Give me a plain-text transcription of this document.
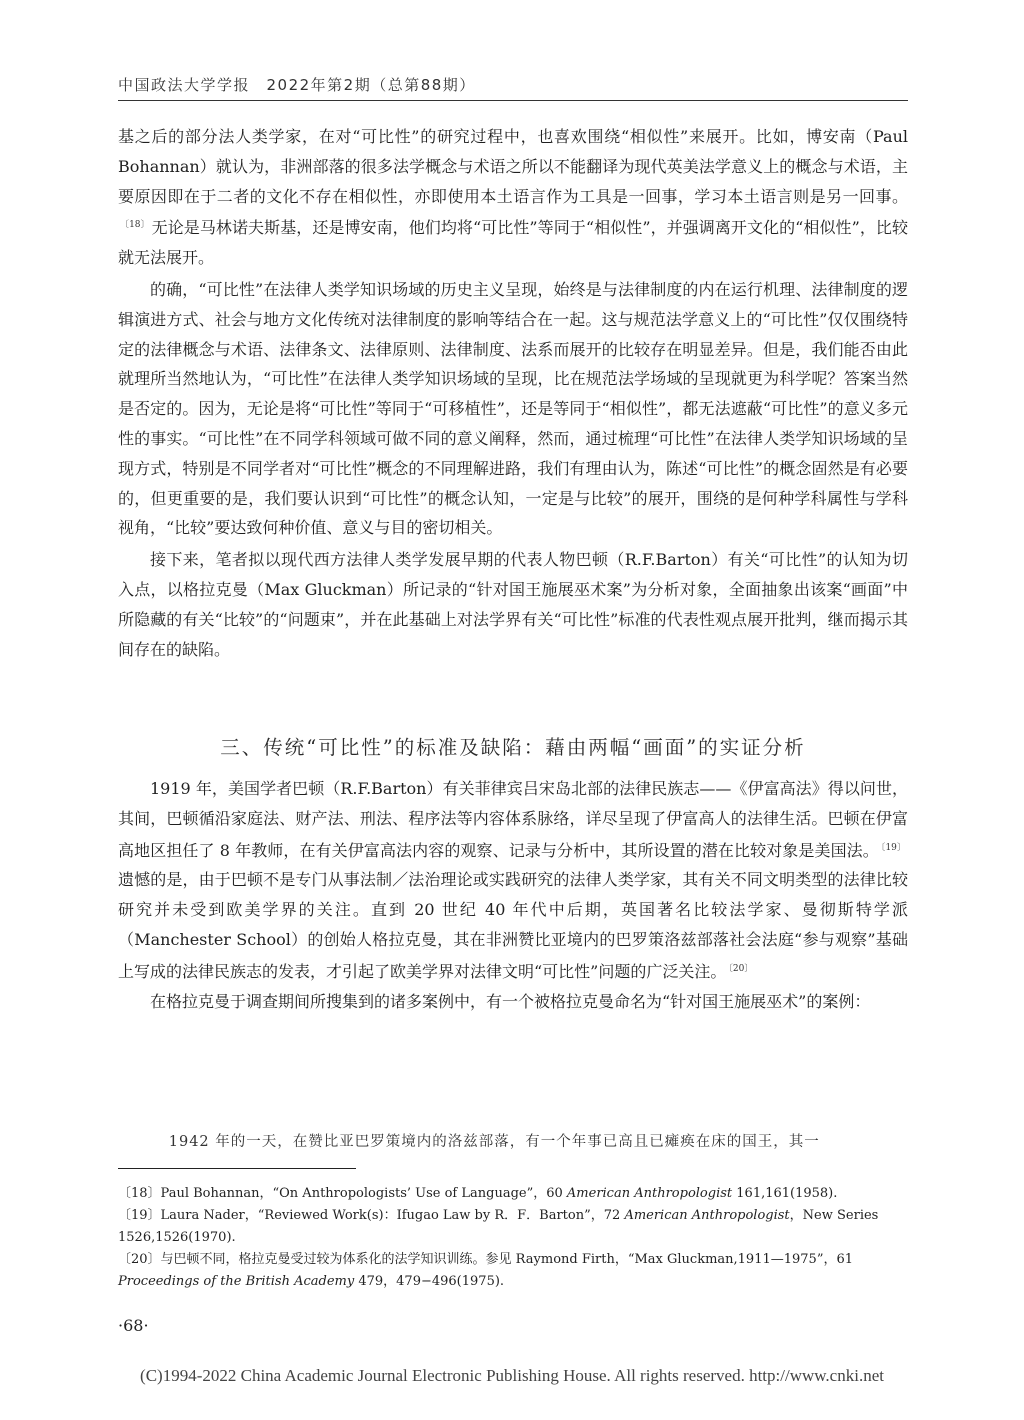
中国政法大学学报　2022年第2期（总第88期）

基之后的部分法人类学家，在对“可比性”的研究过程中，也喜欢围绕“相似性”来展开。比如，博安南（Paul Bohannan）就认为，非洲部落的很多法学概念与术语之所以不能翻译为现代英美法学意义上的概念与术语，主要原因即在于二者的文化不存在相似性，亦即使用本土语言作为工具是一回事，学习本土语言则是另一回事。$^{〔18〕}$ 无论是马林诺夫斯基，还是博安南，他们均将“可比性”等同于“相似性”，并强调离开文化的“相似性”，比较就无法展开。

的确，“可比性”在法律人类学知识场域的历史主义呈现，始终是与法律制度的内在运行机理、法律制度的逻辑演进方式、社会与地方文化传统对法律制度的影响等结合在一起。这与规范法学意义上的“可比性”仅仅围绕特定的法律概念与术语、法律条文、法律原则、法律制度、法系而展开的比较存在明显差异。但是，我们能否由此就理所当然地认为，“可比性”在法律人类学知识场域的呈现，比在规范法学场域的呈现就更为科学呢？答案当然是否定的。因为，无论是将“可比性”等同于“可移植性”，还是等同于“相似性”，都无法遮蔽“可比性”的意义多元性的事实。“可比性”在不同学科领域可做不同的意义阐释，然而，通过梳理“可比性”在法律人类学知识场域的呈现方式，特别是不同学者对“可比性”概念的不同理解进路，我们有理由认为，陈述“可比性”的概念固然是有必要的，但更重要的是，我们要认识到“可比性”的概念认知，一定是与比较”的展开，围绕的是何种学科属性与学科视角，“比较”要达致何种价值、意义与目的密切相关。

接下来，笔者拟以现代西方法律人类学发展早期的代表人物巴顿（R.F.Barton）有关“可比性”的认知为切入点，以格拉克曼（Max Gluckman）所记录的“针对国王施展巫术案”为分析对象，全面抽象出该案“画面”中所隐藏的有关“比较”的“问题束”，并在此基础上对法学界有关“可比性”标准的代表性观点展开批判，继而揭示其间存在的缺陷。

三、传统“可比性”的标准及缺陷：藉由两幅“画面”的实证分析

1919 年，美国学者巴顿（R.F.Barton）有关菲律宾吕宋岛北部的法律民族志——《伊富高法》得以问世，其间，巴顿循沿家庭法、财产法、刑法、程序法等内容体系脉络，详尽呈现了伊富高人的法律生活。巴顿在伊富高地区担任了 8 年教师，在有关伊富高法内容的观察、记录与分析中，其所设置的潜在比较对象是美国法。 $^{〔19〕}$遗憾的是，由于巴顿不是专门从事法制／法治理论或实践研究的法律人类学家，其有关不同文明类型的法律比较研究并未受到欧美学界的关注。直到 20 世纪 40 年代中后期，英国著名比较法学家、曼彻斯特学派（Manchester School）的创始人格拉克曼，其在非洲赞比亚境内的巴罗策洛兹部落社会法庭“参与观察”基础上写成的法律民族志的发表，才引起了欧美学界对法律文明“可比性”问题的广泛关注。 $^{〔20〕}$

在格拉克曼于调查期间所搜集到的诸多案例中，有一个被格拉克曼命名为“针对国王施展巫术”的案例：

1942 年的一天，在赞比亚巴罗策境内的洛兹部落，有一个年事已高且已瘫痪在床的国王，其一

〔18〕Paul Bohannan，“On Anthropologists’ Use of Language”，60 American Anthropologist 161,161(1958).

〔19〕Laura Nader，“Reviewed Work(s)：Ifugao Law by R．F．Barton”，72 American Anthropologist，New Series 1526,1526(1970).

〔20〕与巴顿不同，格拉克曼受过较为体系化的法学知识训练。参见 Raymond Firth，“Max Gluckman,1911—1975”，61 Proceedings of the British Academy 479，479−496(1975).

·68·
(C)1994-2022 China Academic Journal Electronic Publishing House. All rights reserved. http://www.cnki.net
